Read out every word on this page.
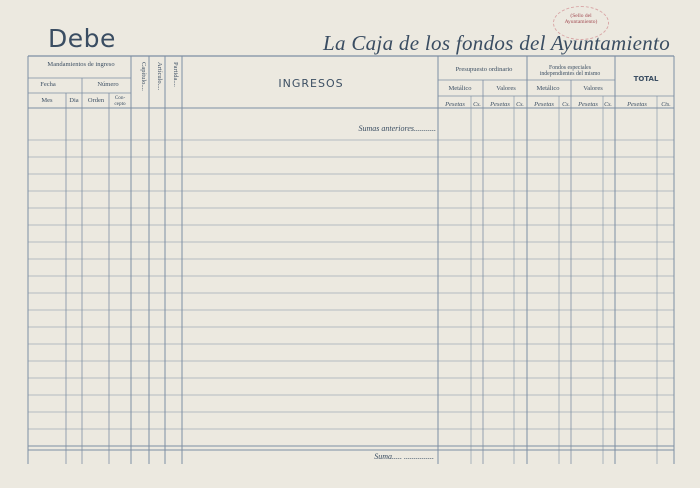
Debe	La Caja de los fondos del Ayuntamiento
(Sello del
Ayuntamiento)
Mandamientos de ingreso
Fecha	Número
Mes	Dia Orden Con-
cepto
Capítulo.... Artículo.... Partida....	INGRESOS
Presupuesto ordinario	Fondos especiales
independientes del mismo
TOTAL
Metálico	Valores	Metálico	Valores
Pesetas Cs. Pesetas Cs. Pesetas Cs. Pesetas Cs. Pesetas Cts.
Sumas anteriores...........
Suma..... ...............
